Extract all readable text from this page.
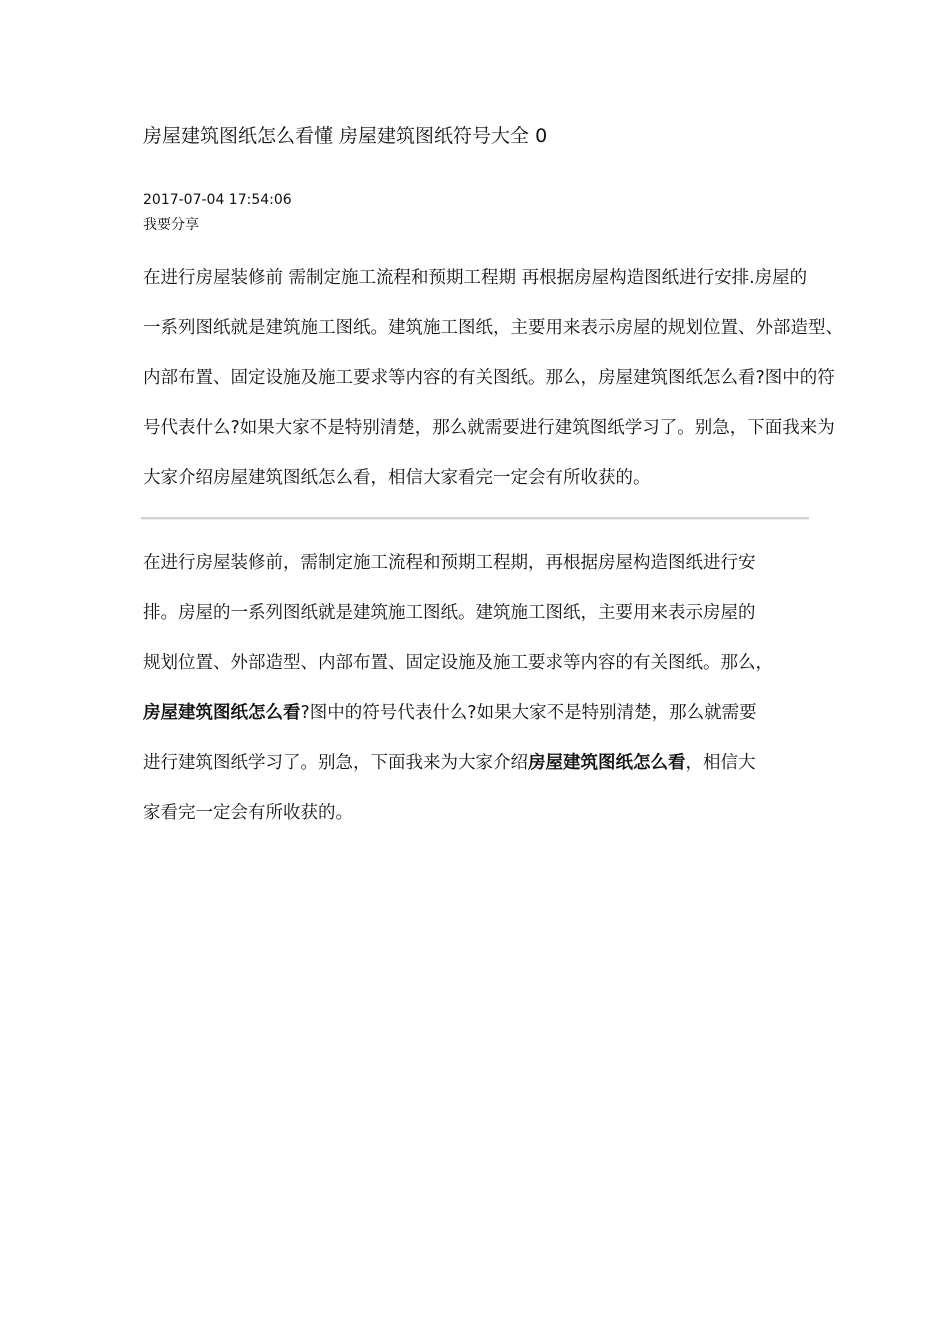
房屋建筑图纸怎么看懂 房屋建筑图纸符号大全 0
2017-07-04 17:54:06
我要分享
在进行房屋装修前 需制定施工流程和预期工程期 再根据房屋构造图纸进行安排.房屋的
一系列图纸就是建筑施工图纸。建筑施工图纸，主要用来表示房屋的规划位置、外部造型、
内部布置、固定设施及施工要求等内容的有关图纸。那么，房屋建筑图纸怎么看?图中的符
号代表什么?如果大家不是特别清楚，那么就需要进行建筑图纸学习了。别急，下面我来为
大家介绍房屋建筑图纸怎么看，相信大家看完一定会有所收获的。
在进行房屋装修前，需制定施工流程和预期工程期，再根据房屋构造图纸进行安
排。房屋的一系列图纸就是建筑施工图纸。建筑施工图纸，主要用来表示房屋的
规划位置、外部造型、内部布置、固定设施及施工要求等内容的有关图纸。那么，
房屋建筑图纸怎么看?图中的符号代表什么?如果大家不是特别清楚，那么就需要
进行建筑图纸学习了。别急，下面我来为大家介绍房屋建筑图纸怎么看，相信大
家看完一定会有所收获的。
